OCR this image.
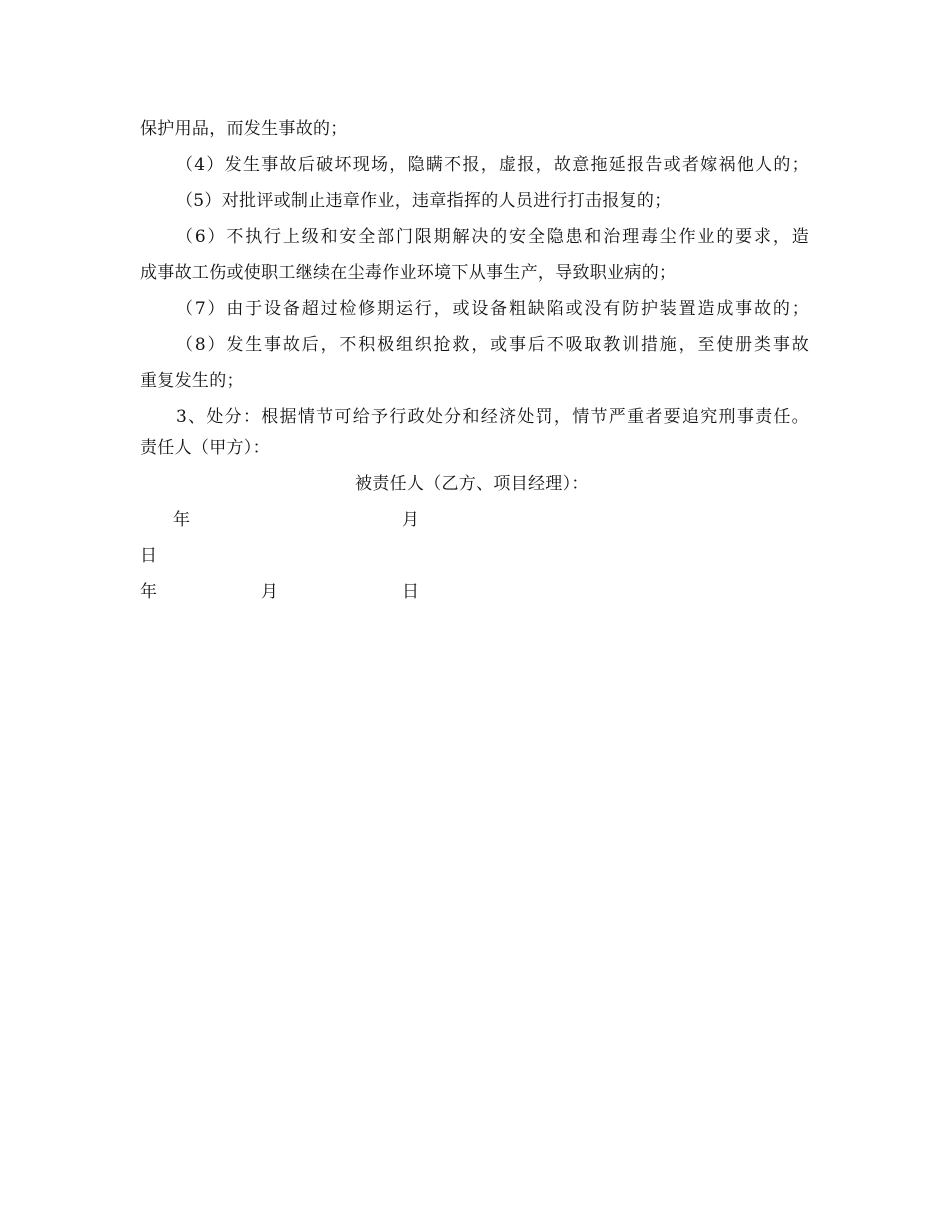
保护用品，而发生事故的；
（4）发生事故后破坏现场，隐瞒不报，虚报，故意拖延报告或者嫁祸他人的；
（5）对批评或制止违章作业，违章指挥的人员进行打击报复的；
（6）不执行上级和安全部门限期解决的安全隐患和治理毒尘作业的要求，造
成事故工伤或使职工继续在尘毒作业环境下从事生产，导致职业病的；
（7）由于设备超过检修期运行，或设备粗缺陷或没有防护装置造成事故的；
（8）发生事故后，不积极组织抢救，或事后不吸取教训措施，至使册类事故
重复发生的；
3、处分：根据情节可给予行政处分和经济处罚，情节严重者要追究刑事责任。
责任人（甲方）：
被责任人（乙方、项目经理）：
年	月
日
年	月	日
